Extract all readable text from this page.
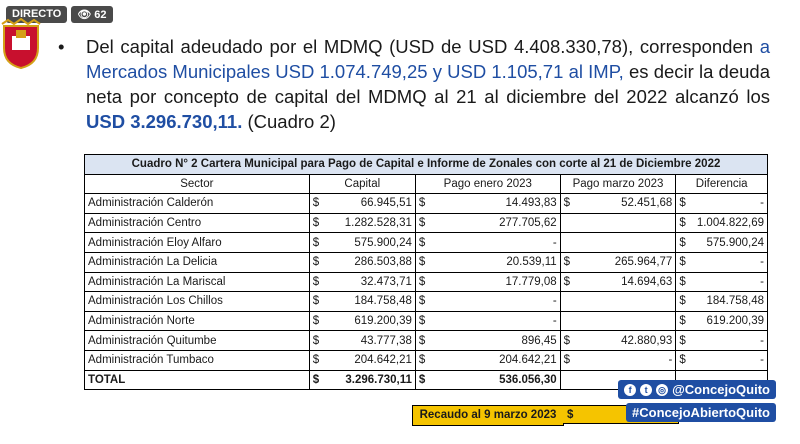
DIRECTO	👁 62
• Del capital adeudado por el MDMQ (USD de USD 4.408.330,78), corresponden a Mercados Municipales USD 1.074.749,25 y USD 1.105,71 al IMP, es decir la deuda neta por concepto de capital del MDMQ al 21 al diciembre del 2022 alcanzó los USD 3.296.730,11. (Cuadro 2)
Cuadro N° 2 Cartera Municipal para Pago de Capital e Informe de Zonales con corte al 21 de Diciembre 2022				
Sector	Capital	Pago enero 2023	Pago marzo 2023	Diferencia
Administración Calderón	$ 66.945,51	$ 14.493,83	$ 52.451,68	$ -

Administración Centro	$ 1.282.528,31	$ 277.705,62		$ 1.004.822,69

Administración Eloy Alfaro	$ 575.900,24	$ -		$ 575.900,24

Administración La Delicia	$ 286.503,88	$ 20.539,11	$ 265.964,77	$ -

Administración La Mariscal	$ 32.473,71	$ 17.779,08	$ 14.694,63	$ -

Administración Los Chillos	$ 184.758,48	$ -		$ 184.758,48

Administración Norte	$ 619.200,39	$ -		$ 619.200,39

Administración Quitumbe	$ 43.777,38	$ 896,45	$ 42.880,93	$ -

Administración Tumbaco	$ 204.642,21	$ 204.642,21	$ -	$ -

TOTAL	$ 3.296.730,11	$ 536.056,30		

Recaudo al 9 marzo 2023 $
f	t	◎ @ConcejoQuito
#ConcejoAbiertoQuito
